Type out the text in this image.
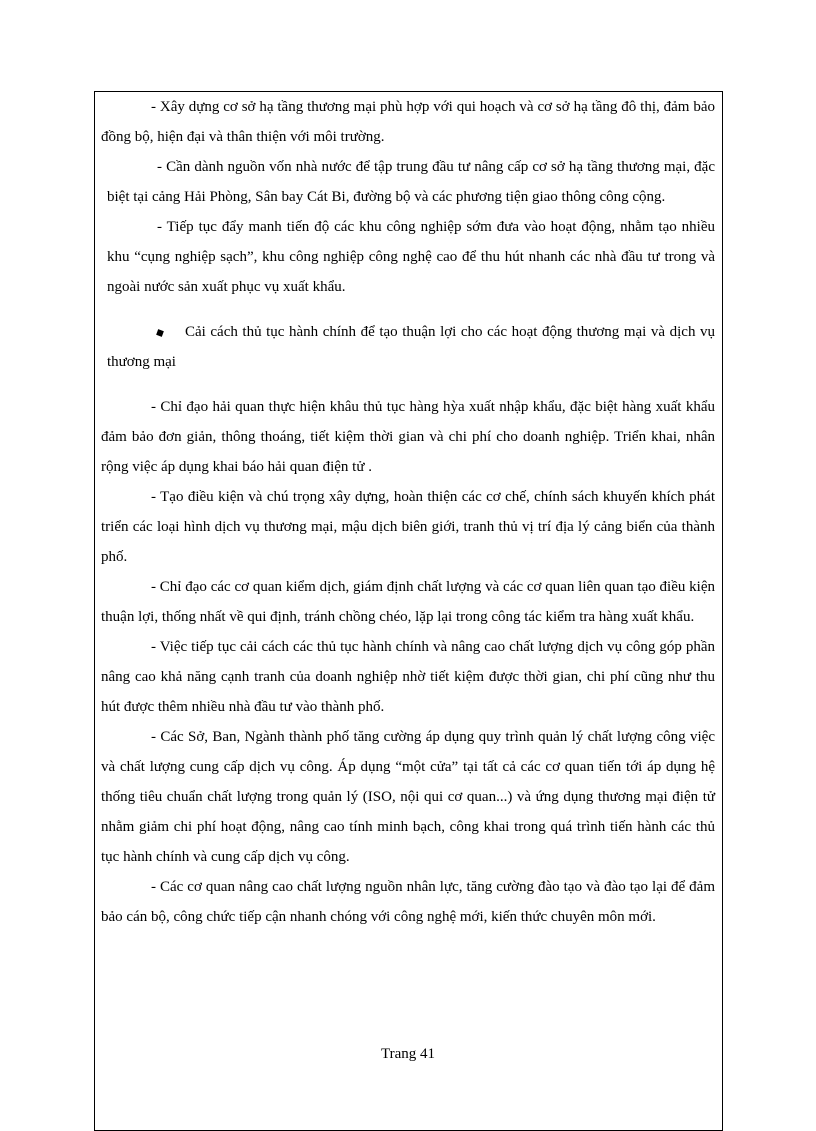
- Xây dựng cơ sở hạ tầng thương mại phù hợp với qui hoạch và cơ sở hạ tầng đô thị, đảm bảo đồng bộ, hiện đại và thân thiện với môi trường.

- Cần dành nguồn vốn nhà nước để tập trung đầu tư nâng cấp cơ sở hạ tầng thương mại, đặc biệt tại cảng Hải Phòng, Sân bay Cát Bi, đường bộ và các phương tiện giao thông công cộng.

- Tiếp tục đẩy manh tiến độ các khu công nghiệp sớm đưa vào hoạt động, nhằm tạo nhiều khu “cụng nghiệp sạch”, khu công nghiệp công nghệ cao để thu hút nhanh các nhà đầu tư trong và ngoài nước sản xuất phục vụ xuất khẩu.

Cải cách thủ tục hành chính để tạo thuận lợi cho các hoạt động thương mại và dịch vụ thương mại

- Chỉ đạo hải quan thực hiện khâu thủ tục hàng hỳa xuất nhập khẩu, đặc biệt hàng xuất khẩu đảm bảo đơn giản, thông thoáng, tiết kiệm thời gian và chi phí cho doanh nghiệp. Triển khai, nhân rộng việc áp dụng khai báo hải quan điện tử .

- Tạo điều kiện và chú trọng xây dựng, hoàn thiện các cơ chế, chính sách khuyến khích phát triển các loại hình dịch vụ thương mại, mậu dịch biên giới, tranh thủ vị trí địa lý cảng biển của thành phố.

- Chỉ đạo các cơ quan kiểm dịch, giám định chất lượng và các cơ quan liên quan tạo điều kiện thuận lợi, thống nhất về qui định, tránh chồng chéo, lặp lại trong công tác kiểm tra hàng xuất khẩu.

- Việc tiếp tục cải cách các thủ tục hành chính và nâng cao chất lượng dịch vụ công góp phần nâng cao khả năng cạnh tranh của doanh nghiệp nhờ tiết kiệm được thời gian, chi phí cũng như thu hút được thêm nhiều nhà đầu tư vào thành phố.

- Các Sở, Ban, Ngành thành phố tăng cường áp dụng quy trình quản lý chất lượng công việc và chất lượng cung cấp dịch vụ công. Áp dụng “một cửa” tại tất cả các cơ quan tiến tới áp dụng hệ thống tiêu chuẩn chất lượng trong quản lý (ISO, nội qui cơ quan...) và ứng dụng thương mại điện tử nhằm giảm chi phí hoạt động, nâng cao tính minh bạch, công khai trong quá trình tiến hành các thủ tục hành chính và cung cấp dịch vụ công.

- Các cơ quan nâng cao chất lượng nguồn nhân lực, tăng cường đào tạo và đào tạo lại để đảm bảo cán bộ, công chức tiếp cận nhanh chóng với công nghệ mới, kiến thức chuyên môn mới.

Trang 41
